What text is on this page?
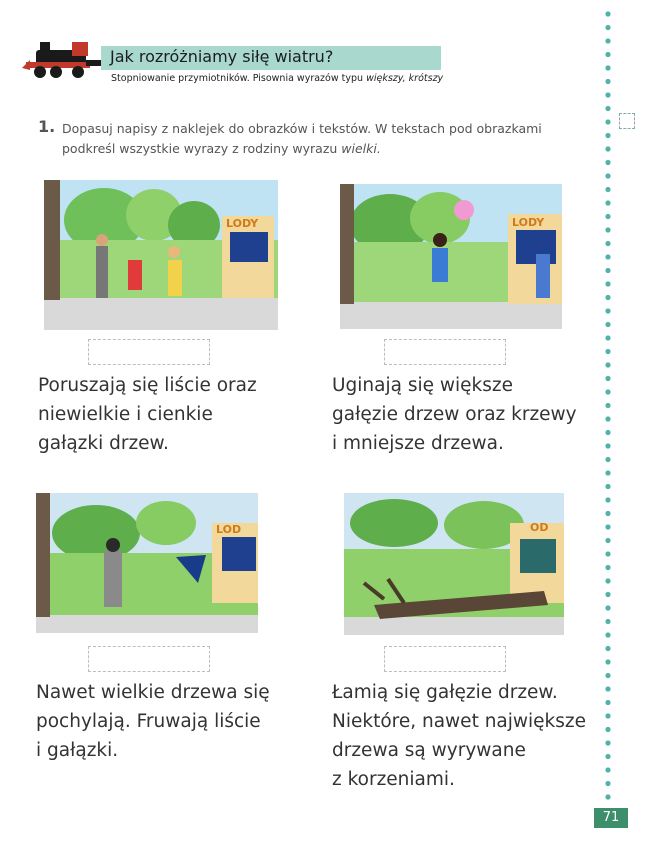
Jak rozróżniamy siłę wiatru?
Stopniowanie przymiotników. Pisownia wyrazów typu większy, krótszy
1. Dopasuj napisy z naklejek do obrazków i tekstów. W tekstach pod obrazkami podkreśl wszystkie wyrazy z rodziny wyrazu wielki.
LODY
Poruszają się liście oraz
niewielkie i cienkie
gałązki drzew.
LODY
Uginają się większe
gałęzie drzew oraz krzewy
i mniejsze drzewa.
LOD
Nawet wielkie drzewa się
pochylają. Fruwają liście
i gałązki.
OD
Łamią się gałęzie drzew.
Niektóre, nawet największe
drzewa są wyrywane
z korzeniami.
71
